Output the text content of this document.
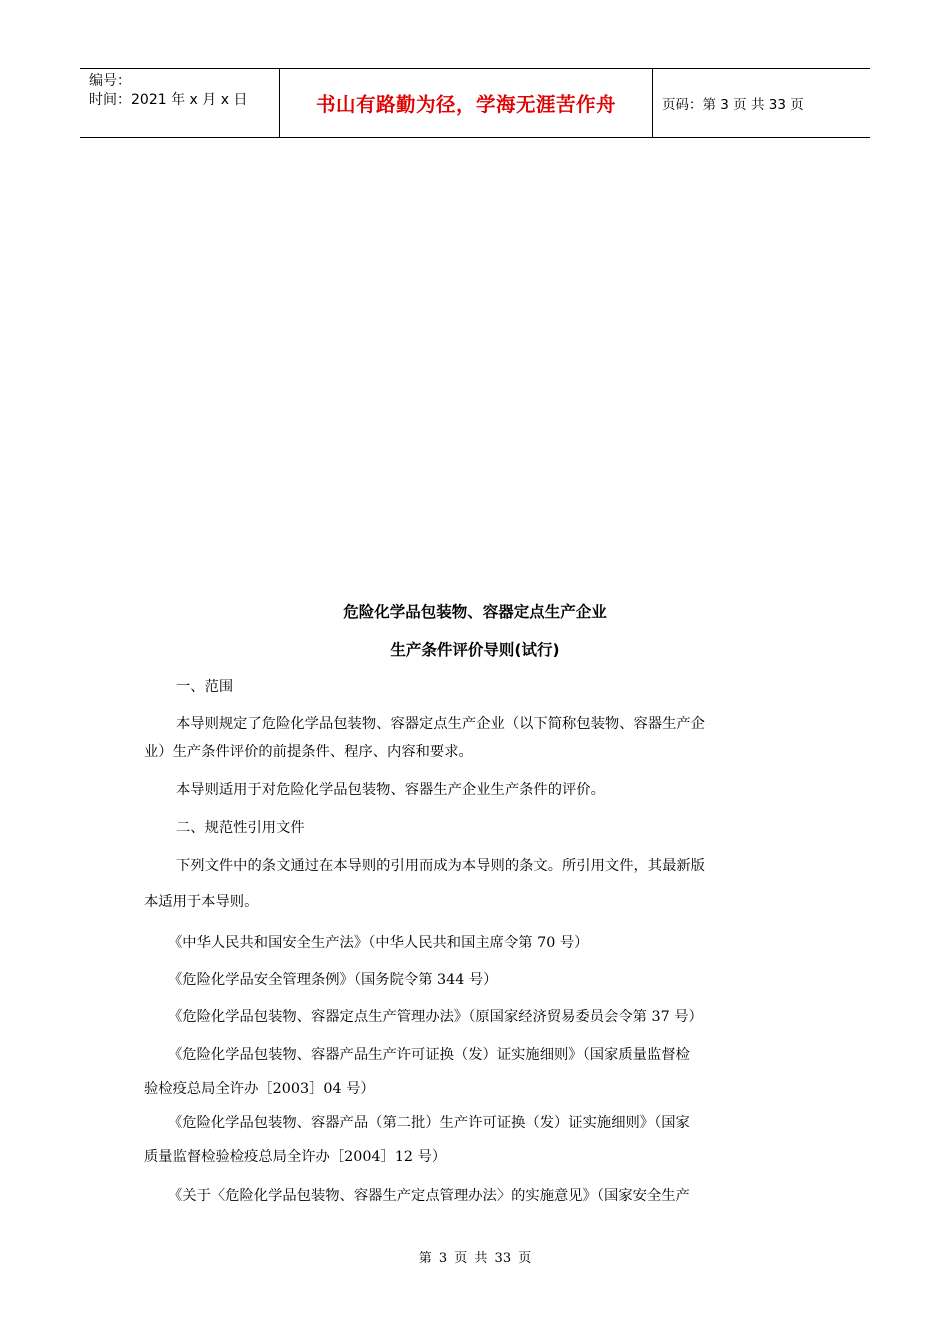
编号：
时间：2021 年 x 月 x 日	书山有路勤为径，学海无涯苦作舟	页码：第 3 页 共 33 页
危险化学品包装物、容器定点生产企业
生产条件评价导则(试行)
一、范围
本导则规定了危险化学品包装物、容器定点生产企业（以下简称包装物、容器生产企
业）生产条件评价的前提条件、程序、内容和要求。
本导则适用于对危险化学品包装物、容器生产企业生产条件的评价。
二、规范性引用文件
下列文件中的条文通过在本导则的引用而成为本导则的条文。所引用文件，其最新版
本适用于本导则。
《中华人民共和国安全生产法》（中华人民共和国主席令第 70 号）
《危险化学品安全管理条例》（国务院令第 344 号）
《危险化学品包装物、容器定点生产管理办法》（原国家经济贸易委员会令第 37 号）
《危险化学品包装物、容器产品生产许可证换（发）证实施细则》（国家质量监督检
验检疫总局全许办［2003］04 号）
《危险化学品包装物、容器产品（第二批）生产许可证换（发）证实施细则》（国家
质量监督检验检疫总局全许办［2004］12 号）
《关于〈危险化学品包装物、容器生产定点管理办法〉的实施意见》（国家安全生产
第 3 页 共 33 页
